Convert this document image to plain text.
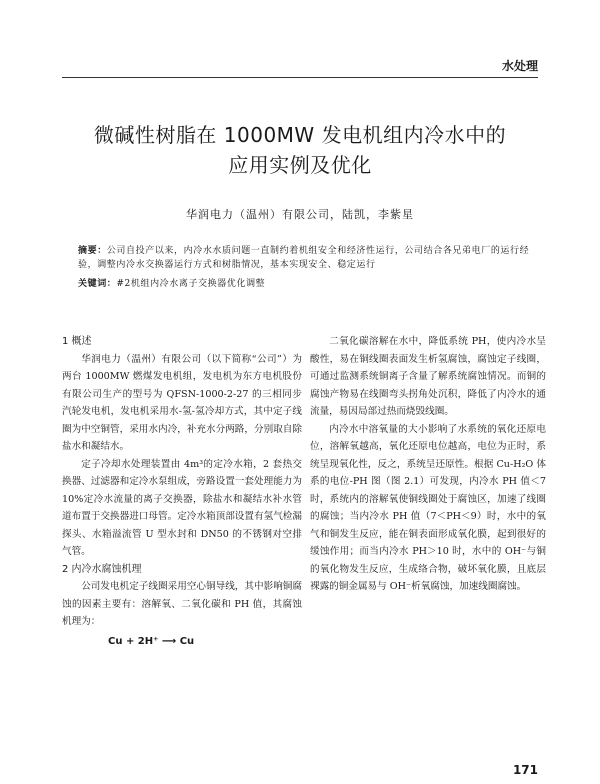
水处理
微碱性树脂在 1000MW 发电机组内冷水中的
应用实例及优化
华润电力（温州）有限公司，陆凯，李紫星
摘要：公司自投产以来，内冷水水质问题一直制约着机组安全和经济性运行，公司结合各兄弟电厂的运行经验，调整内冷水交换器运行方式和树脂情况，基本实现安全、稳定运行
关键词：#2机组内冷水离子交换器优化调整
1 概述

华润电力（温州）有限公司（以下简称“公司”）为两台 1000MW 燃煤发电机组，发电机为东方电机股份有限公司生产的型号为 QFSN-1000-2-27 的三相同步汽轮发电机，发电机采用水-氢-氢冷却方式，其中定子线圈为中空铜管，采用水内冷，补充水分两路，分别取自除盐水和凝结水。

定子冷却水处理装置由 4m³的定冷水箱，2 套热交换器、过滤器和定冷水泵组成，旁路设置一套处理能力为 10%定冷水流量的离子交换器，除盐水和凝结水补水管道布置于交换器进口母管。定冷水箱顶部设置有氢气检漏探头、水箱溢流管 U 型水封和 DN50 的不锈钢对空排气管。

2 内冷水腐蚀机理

公司发电机定子线圈采用空心铜导线，其中影响铜腐蚀的因素主要有：溶解氧、二氧化碳和 PH 值，其腐蚀机理为：

Cu + 2H⁺ ⟶ Cu

二氧化碳溶解在水中，降低系统 PH，使内冷水呈酸性，易在铜线圈表面发生析氢腐蚀，腐蚀定子线圈，可通过监测系统铜离子含量了解系统腐蚀情况。而铜的腐蚀产物易在线圈弯头拐角处沉积，降低了内冷水的通流量，易因局部过热而烧毁线圈。

内冷水中溶氧量的大小影响了水系统的氧化还原电位，溶解氧越高，氧化还原电位越高，电位为正时，系统呈现氧化性，反之，系统呈还原性。根据 Cu-H₂O 体系的电位-PH 图（图 2.1）可发现，内冷水 PH 值＜7 时，系统内的溶解氧使铜线圈处于腐蚀区，加速了线圈的腐蚀；当内冷水 PH 值（7＜PH＜9）时，水中的氧气和铜发生反应，能在铜表面形成氧化膜，起到很好的缓蚀作用；而当内冷水 PH＞10 时，水中的 OH⁻与铜的氧化物发生反应，生成络合物，破坏氧化膜，且底层裸露的铜金属易与 OH⁻析氧腐蚀，加速线圈腐蚀。

171
